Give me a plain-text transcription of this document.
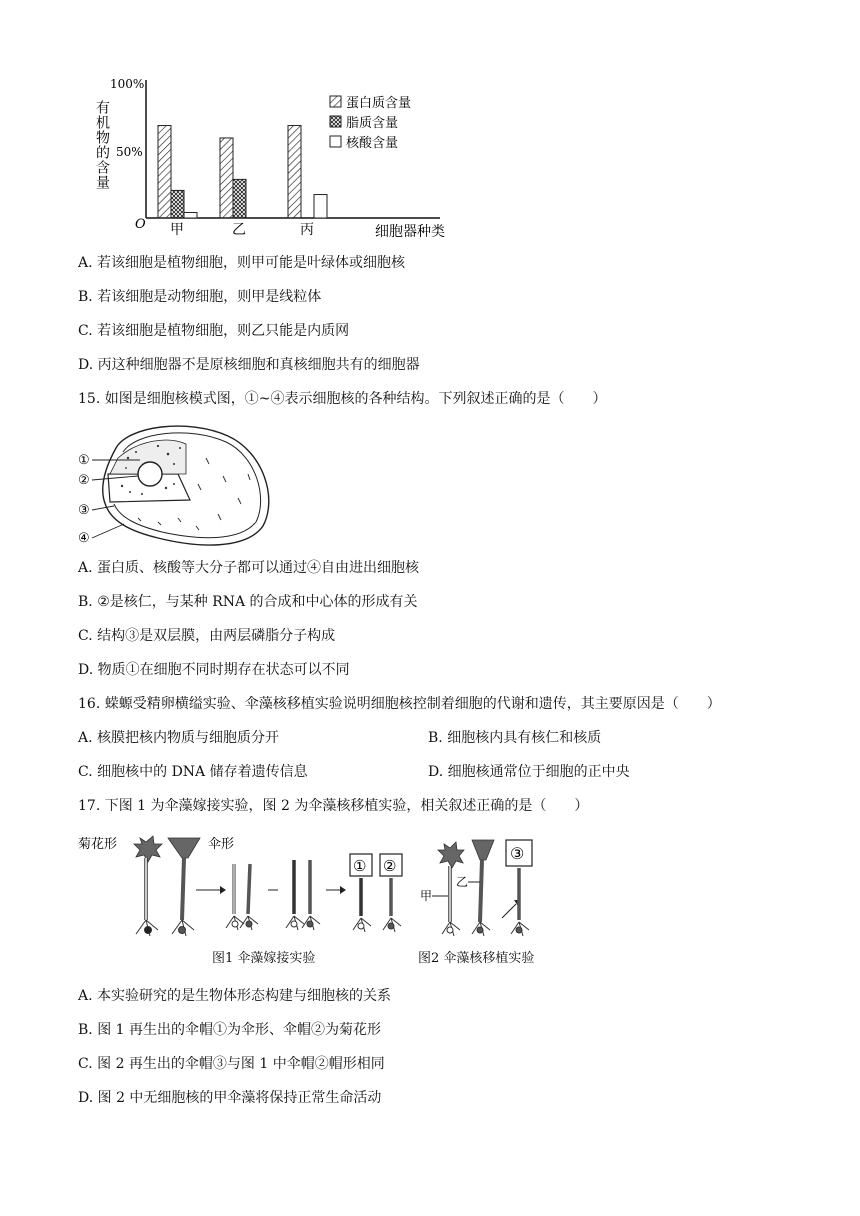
有机物的含量
100%
50%
O 甲	乙	丙	细胞器种类
蛋白质含量
脂质含量
核酸含量
A. 若该细胞是植物细胞，则甲可能是叶绿体或细胞核
B. 若该细胞是动物细胞，则甲是线粒体
C. 若该细胞是植物细胞，则乙只能是内质网
D. 丙这种细胞器不是原核细胞和真核细胞共有的细胞器
15. 如图是细胞核模式图，①~④表示细胞核的各种结构。下列叙述正确的是（　　）
①
②
③
④
A. 蛋白质、核酸等大分子都可以通过④自由进出细胞核
B. ②是核仁，与某种 RNA 的合成和中心体的形成有关
C. 结构③是双层膜，由两层磷脂分子构成
D. 物质①在细胞不同时期存在状态可以不同
16. 蝾螈受精卵横缢实验、伞藻核移植实验说明细胞核控制着细胞的代谢和遗传，其主要原因是（　　）
A. 核膜把核内物质与细胞质分开	B. 细胞核内具有核仁和核质
C. 细胞核中的 DNA 储存着遗传信息	D. 细胞核通常位于细胞的正中央
17. 下图 1 为伞藻嫁接实验，图 2 为伞藻核移植实验，相关叙述正确的是（　　）
菊花形	伞形
① ②
甲
乙
③
图1 伞藻嫁接实验	图2 伞藻核移植实验
A. 本实验研究的是生物体形态构建与细胞核的关系
B. 图 1 再生出的伞帽①为伞形、伞帽②为菊花形
C. 图 2 再生出的伞帽③与图 1 中伞帽②帽形相同
D. 图 2 中无细胞核的甲伞藻将保持正常生命活动
